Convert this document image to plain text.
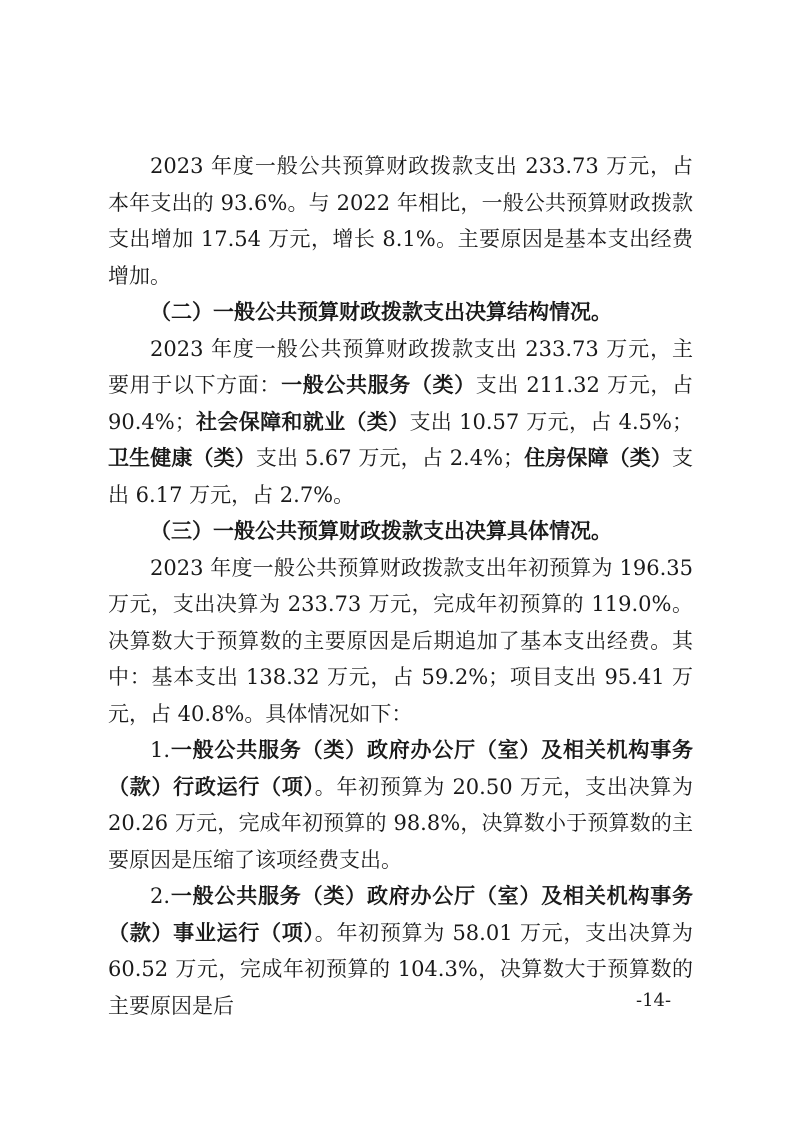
2023 年度一般公共预算财政拨款支出 233.73 万元，占本年支出的 93.6%。与 2022 年相比，一般公共预算财政拨款支出增加 17.54 万元，增长 8.1%。主要原因是基本支出经费增加。

（二）一般公共预算财政拨款支出决算结构情况。

2023 年度一般公共预算财政拨款支出 233.73 万元，主要用于以下方面：一般公共服务（类）支出 211.32 万元，占 90.4%；社会保障和就业（类）支出 10.57 万元，占 4.5%；卫生健康（类）支出 5.67 万元，占 2.4%；住房保障（类）支出 6.17 万元，占 2.7%。

（三）一般公共预算财政拨款支出决算具体情况。

2023 年度一般公共预算财政拨款支出年初预算为 196.35 万元，支出决算为 233.73 万元，完成年初预算的 119.0%。决算数大于预算数的主要原因是后期追加了基本支出经费。其中：基本支出 138.32 万元，占 59.2%；项目支出 95.41 万元，占 40.8%。具体情况如下：

1.一般公共服务（类）政府办公厅（室）及相关机构事务（款）行政运行（项）。年初预算为 20.50 万元，支出决算为 20.26 万元，完成年初预算的 98.8%，决算数小于预算数的主要原因是压缩了该项经费支出。

2.一般公共服务（类）政府办公厅（室）及相关机构事务（款）事业运行（项）。年初预算为 58.01 万元，支出决算为 60.52 万元，完成年初预算的 104.3%，决算数大于预算数的主要原因是后	-14-
